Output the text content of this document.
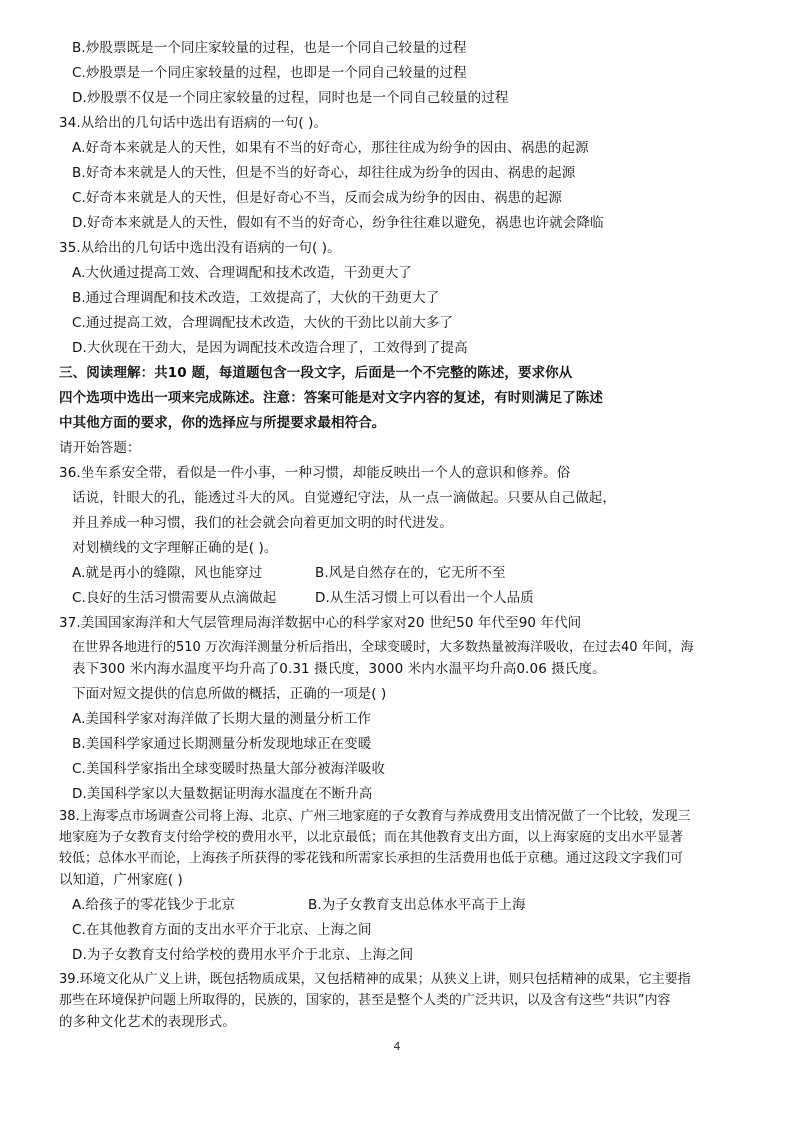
B.炒股票既是一个同庄家较量的过程，也是一个同自己较量的过程
C.炒股票是一个同庄家较量的过程，也即是一个同自己较量的过程
D.炒股票不仅是一个同庄家较量的过程，同时也是一个同自己较量的过程
34.从给出的几句话中选出有语病的一句( )。
A.好奇本来就是人的天性，如果有不当的好奇心，那往往成为纷争的因由、祸患的起源
B.好奇本来就是人的天性，但是不当的好奇心，却往往成为纷争的因由、祸患的起源
C.好奇本来就是人的天性，但是好奇心不当，反而会成为纷争的因由、祸患的起源
D.好奇本来就是人的天性，假如有不当的好奇心，纷争往往难以避免，祸患也许就会降临
35.从给出的几句话中选出没有语病的一句( )。
A.大伙通过提高工效、合理调配和技术改造，干劲更大了
B.通过合理调配和技术改造，工效提高了，大伙的干劲更大了
C.通过提高工效，合理调配技术改造，大伙的干劲比以前大多了
D.大伙现在干劲大，是因为调配技术改造合理了，工效得到了提高
三、阅读理解：共10 题，每道题包含一段文字，后面是一个不完整的陈述，要求你从
四个选项中选出一项来完成陈述。注意：答案可能是对文字内容的复述，有时则满足了陈述
中其他方面的要求，你的选择应与所提要求最相符合。
请开始答题：
36.坐车系安全带，看似是一件小事，一种习惯，却能反映出一个人的意识和修养。俗
话说，针眼大的孔，能透过斗大的风。自觉遵纪守法，从一点一滴做起。只要从自己做起，
并且养成一种习惯，我们的社会就会向着更加文明的时代进发。
对划横线的文字理解正确的是( )。
A.就是再小的缝隙，风也能穿过	B.风是自然存在的，它无所不至
C.良好的生活习惯需要从点滴做起	D.从生活习惯上可以看出一个人品质
37.美国国家海洋和大气层管理局海洋数据中心的科学家对20 世纪50 年代至90 年代间
在世界各地进行的510 万次海洋测量分析后指出，全球变暖时，大多数热量被海洋吸收，在过去40 年间，海
表下300 米内海水温度平均升高了0.31 摄氏度，3000 米内水温平均升高0.06 摄氏度。
下面对短文提供的信息所做的概括，正确的一项是( )
A.美国科学家对海洋做了长期大量的测量分析工作
B.美国科学家通过长期测量分析发现地球正在变暖
C.美国科学家指出全球变暖时热量大部分被海洋吸收
D.美国科学家以大量数据证明海水温度在不断升高
38.上海零点市场调查公司将上海、北京、广州三地家庭的子女教育与养成费用支出情况做了一个比较，发现三
地家庭为子女教育支付给学校的费用水平，以北京最低；而在其他教育支出方面，以上海家庭的支出水平显著
较低；总体水平而论，上海孩子所获得的零花钱和所需家长承担的生活费用也低于京穗。通过这段文字我们可
以知道，广州家庭( )
A.给孩子的零花钱少于北京	B.为子女教育支出总体水平高于上海
C.在其他教育方面的支出水平介于北京、上海之间
D.为子女教育支付给学校的费用水平介于北京、上海之间
39.环境文化从广义上讲，既包括物质成果，又包括精神的成果；从狭义上讲，则只包括精神的成果，它主要指
那些在环境保护问题上所取得的，民族的，国家的，甚至是整个人类的广泛共识，以及含有这些“共识”内容
的多种文化艺术的表现形式。
4
